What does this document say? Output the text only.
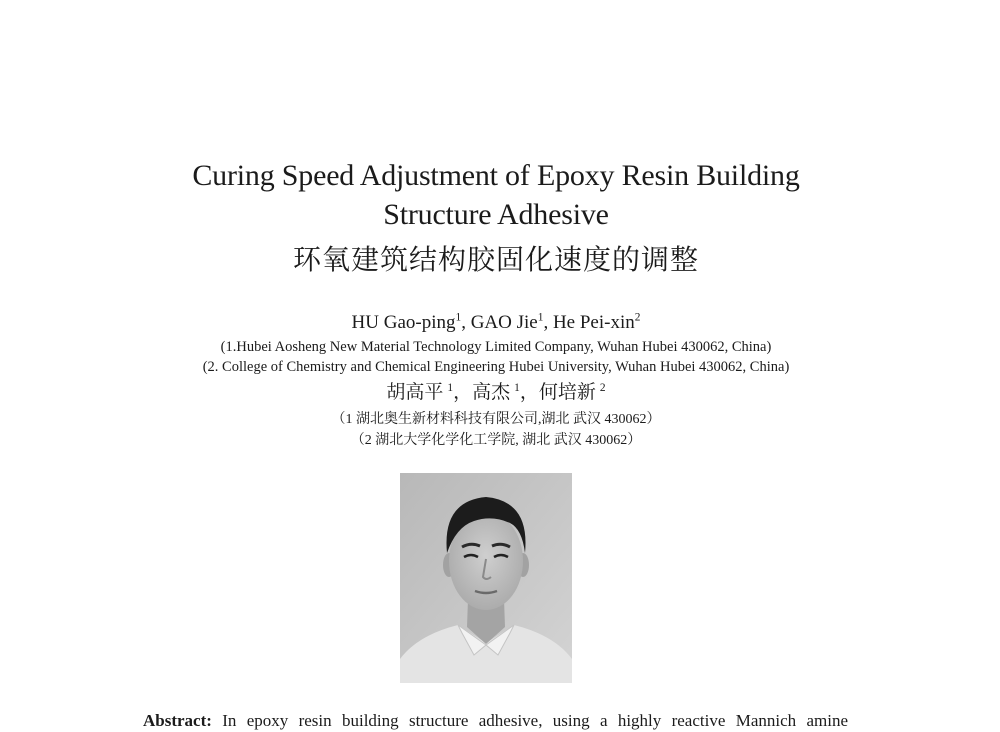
Curing Speed Adjustment of Epoxy Resin Building
Structure Adhesive
环氧建筑结构胶固化速度的调整
HU Gao-ping$^1$, GAO Jie$^1$, He Pei-xin$^2$
(1.Hubei Aosheng New Material Technology Limited Company, Wuhan Hubei 430062, China)
(2. College of Chemistry and Chemical Engineering Hubei University, Wuhan Hubei 430062, China)
胡高平 $^1$，高杰 $^1$，何培新 $^2$
（1 湖北奥生新材料科技有限公司,湖北 武汉 430062）
（2 湖北大学化学化工学院, 湖北 武汉 430062）
Abstract: In epoxy resin building structure adhesive, using a highly reactive Mannich amine
